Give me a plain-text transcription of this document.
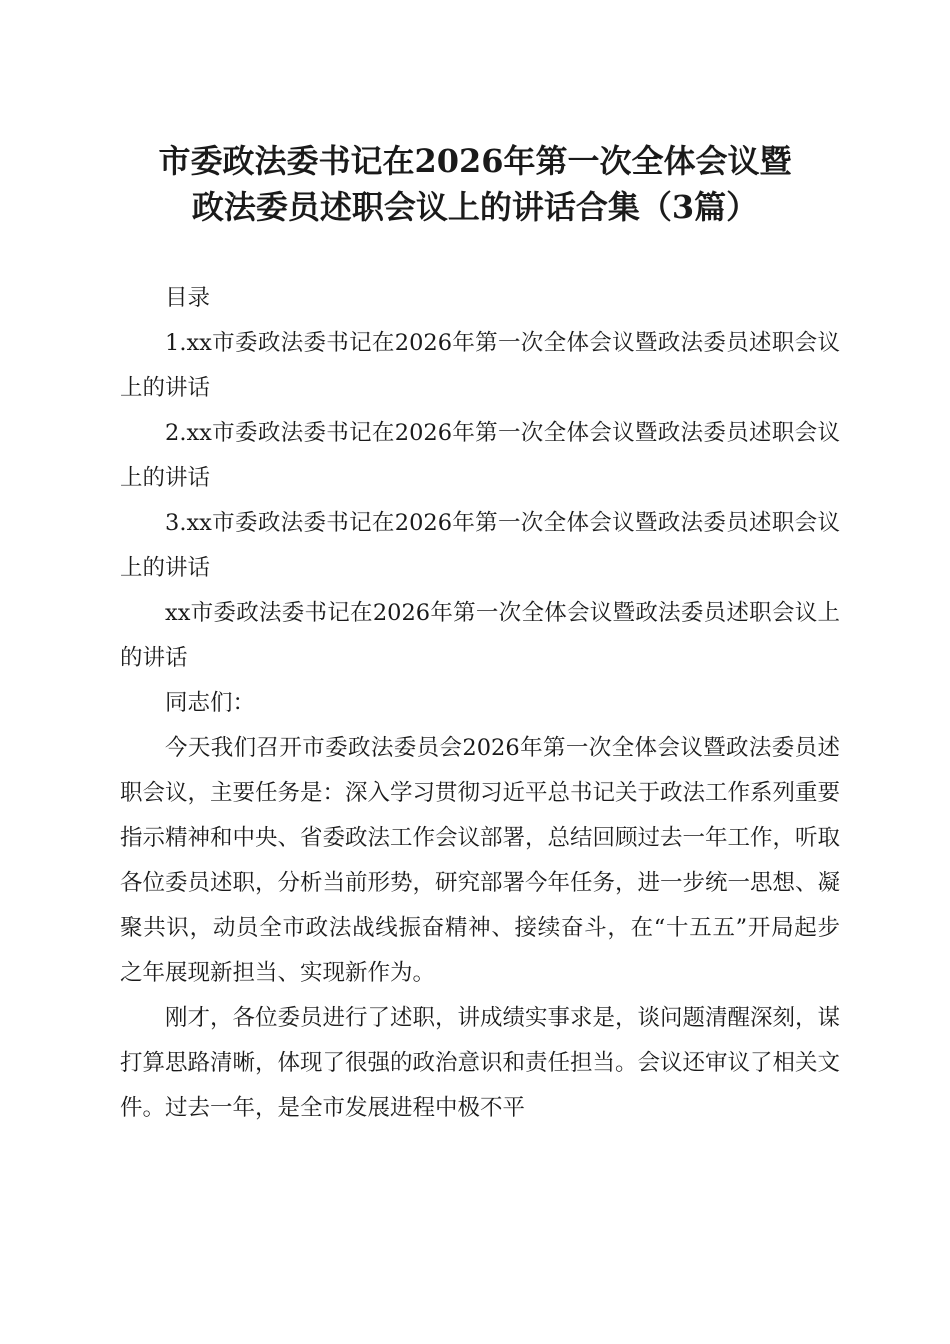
市委政法委书记在2026年第一次全体会议暨
政法委员述职会议上的讲话合集（3篇）

目录

1.xx市委政法委书记在2026年第一次全体会议暨政法委员述职会议上的讲话

2.xx市委政法委书记在2026年第一次全体会议暨政法委员述职会议上的讲话

3.xx市委政法委书记在2026年第一次全体会议暨政法委员述职会议上的讲话

xx市委政法委书记在2026年第一次全体会议暨政法委员述职会议上的讲话

同志们：

今天我们召开市委政法委员会2026年第一次全体会议暨政法委员述职会议，主要任务是：深入学习贯彻习近平总书记关于政法工作系列重要指示精神和中央、省委政法工作会议部署，总结回顾过去一年工作，听取各位委员述职，分析当前形势，研究部署今年任务，进一步统一思想、凝聚共识，动员全市政法战线振奋精神、接续奋斗，在“十五五”开局起步之年展现新担当、实现新作为。

刚才，各位委员进行了述职，讲成绩实事求是，谈问题清醒深刻，谋打算思路清晰，体现了很强的政治意识和责任担当。会议还审议了相关文件。过去一年，是全市发展进程中极不平
